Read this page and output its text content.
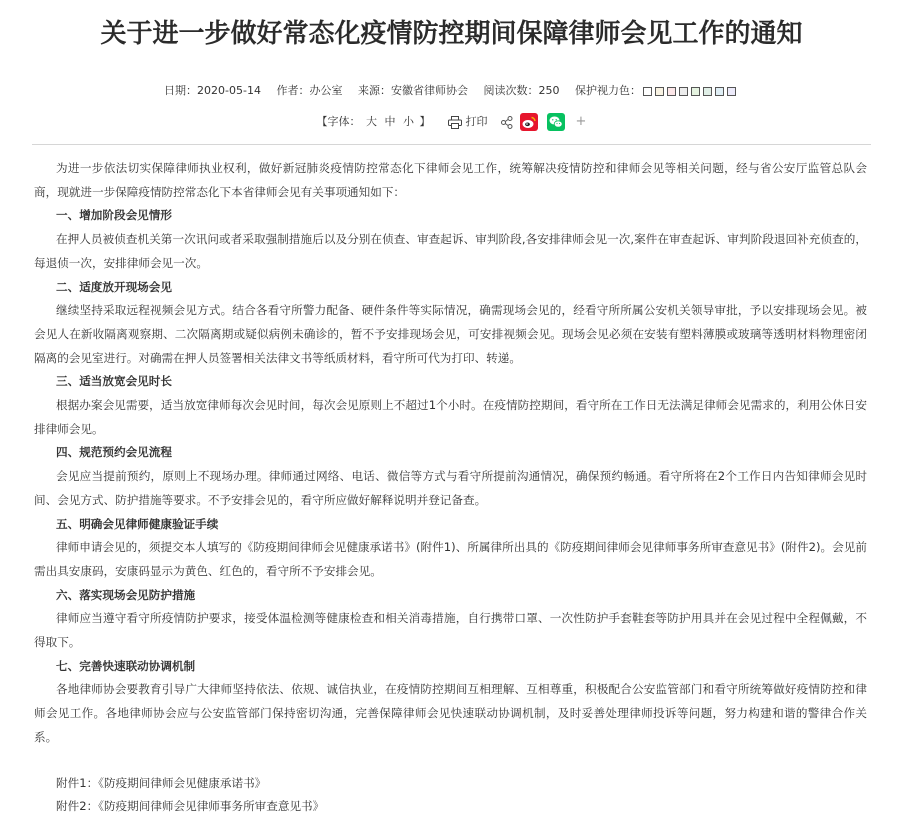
关于进一步做好常态化疫情防控期间保障律师会见工作的通知
日期：2020-05-14 作者：办公室 来源：安徽省律师协会 阅读次数：250 保护视力色：
【字体： 大 中 小 】	打印	+

为进一步依法切实保障律师执业权利，做好新冠肺炎疫情防控常态化下律师会见工作，统筹解决疫情防控和律师会见等相关问题，经与省公安厅监管总队会商，现就进一步保障疫情防控常态化下本省律师会见有关事项通知如下：

一、增加阶段会见情形

在押人员被侦查机关第一次讯问或者采取强制措施后以及分别在侦查、审查起诉、审判阶段,各安排律师会见一次,案件在审查起诉、审判阶段退回补充侦查的，每退侦一次，安排律师会见一次。

二、适度放开现场会见

继续坚持采取远程视频会见方式。结合各看守所警力配备、硬件条件等实际情况，确需现场会见的，经看守所所属公安机关领导审批，予以安排现场会见。被会见人在新收隔离观察期、二次隔离期或疑似病例未确诊的，暂不予安排现场会见，可安排视频会见。现场会见必须在安装有塑料薄膜或玻璃等透明材料物理密闭隔离的会见室进行。对确需在押人员签署相关法律文书等纸质材料，看守所可代为打印、转递。

三、适当放宽会见时长

根据办案会见需要，适当放宽律师每次会见时间，每次会见原则上不超过1个小时。在疫情防控期间，看守所在工作日无法满足律师会见需求的，利用公休日安排律师会见。

四、规范预约会见流程

会见应当提前预约，原则上不现场办理。律师通过网络、电话、微信等方式与看守所提前沟通情况，确保预约畅通。看守所将在2个工作日内告知律师会见时间、会见方式、防护措施等要求。不予安排会见的，看守所应做好解释说明并登记备查。

五、明确会见律师健康验证手续

律师申请会见的，须提交本人填写的《防疫期间律师会见健康承诺书》(附件1)、所属律所出具的《防疫期间律师会见律师事务所审查意见书》(附件2)。会见前需出具安康码，安康码显示为黄色、红色的，看守所不予安排会见。

六、落实现场会见防护措施

律师应当遵守看守所疫情防护要求，接受体温检测等健康检查和相关消毒措施，自行携带口罩、一次性防护手套鞋套等防护用具并在会见过程中全程佩戴，不得取下。

七、完善快速联动协调机制

各地律师协会要教育引导广大律师坚持依法、依规、诚信执业，在疫情防控期间互相理解、互相尊重，积极配合公安监管部门和看守所统筹做好疫情防控和律师会见工作。各地律师协会应与公安监管部门保持密切沟通，完善保障律师会见快速联动协调机制，及时妥善处理律师投诉等问题，努力构建和谐的警律合作关系。

附件1：《防疫期间律师会见健康承诺书》

附件2：《防疫期间律师会见律师事务所审查意见书》
